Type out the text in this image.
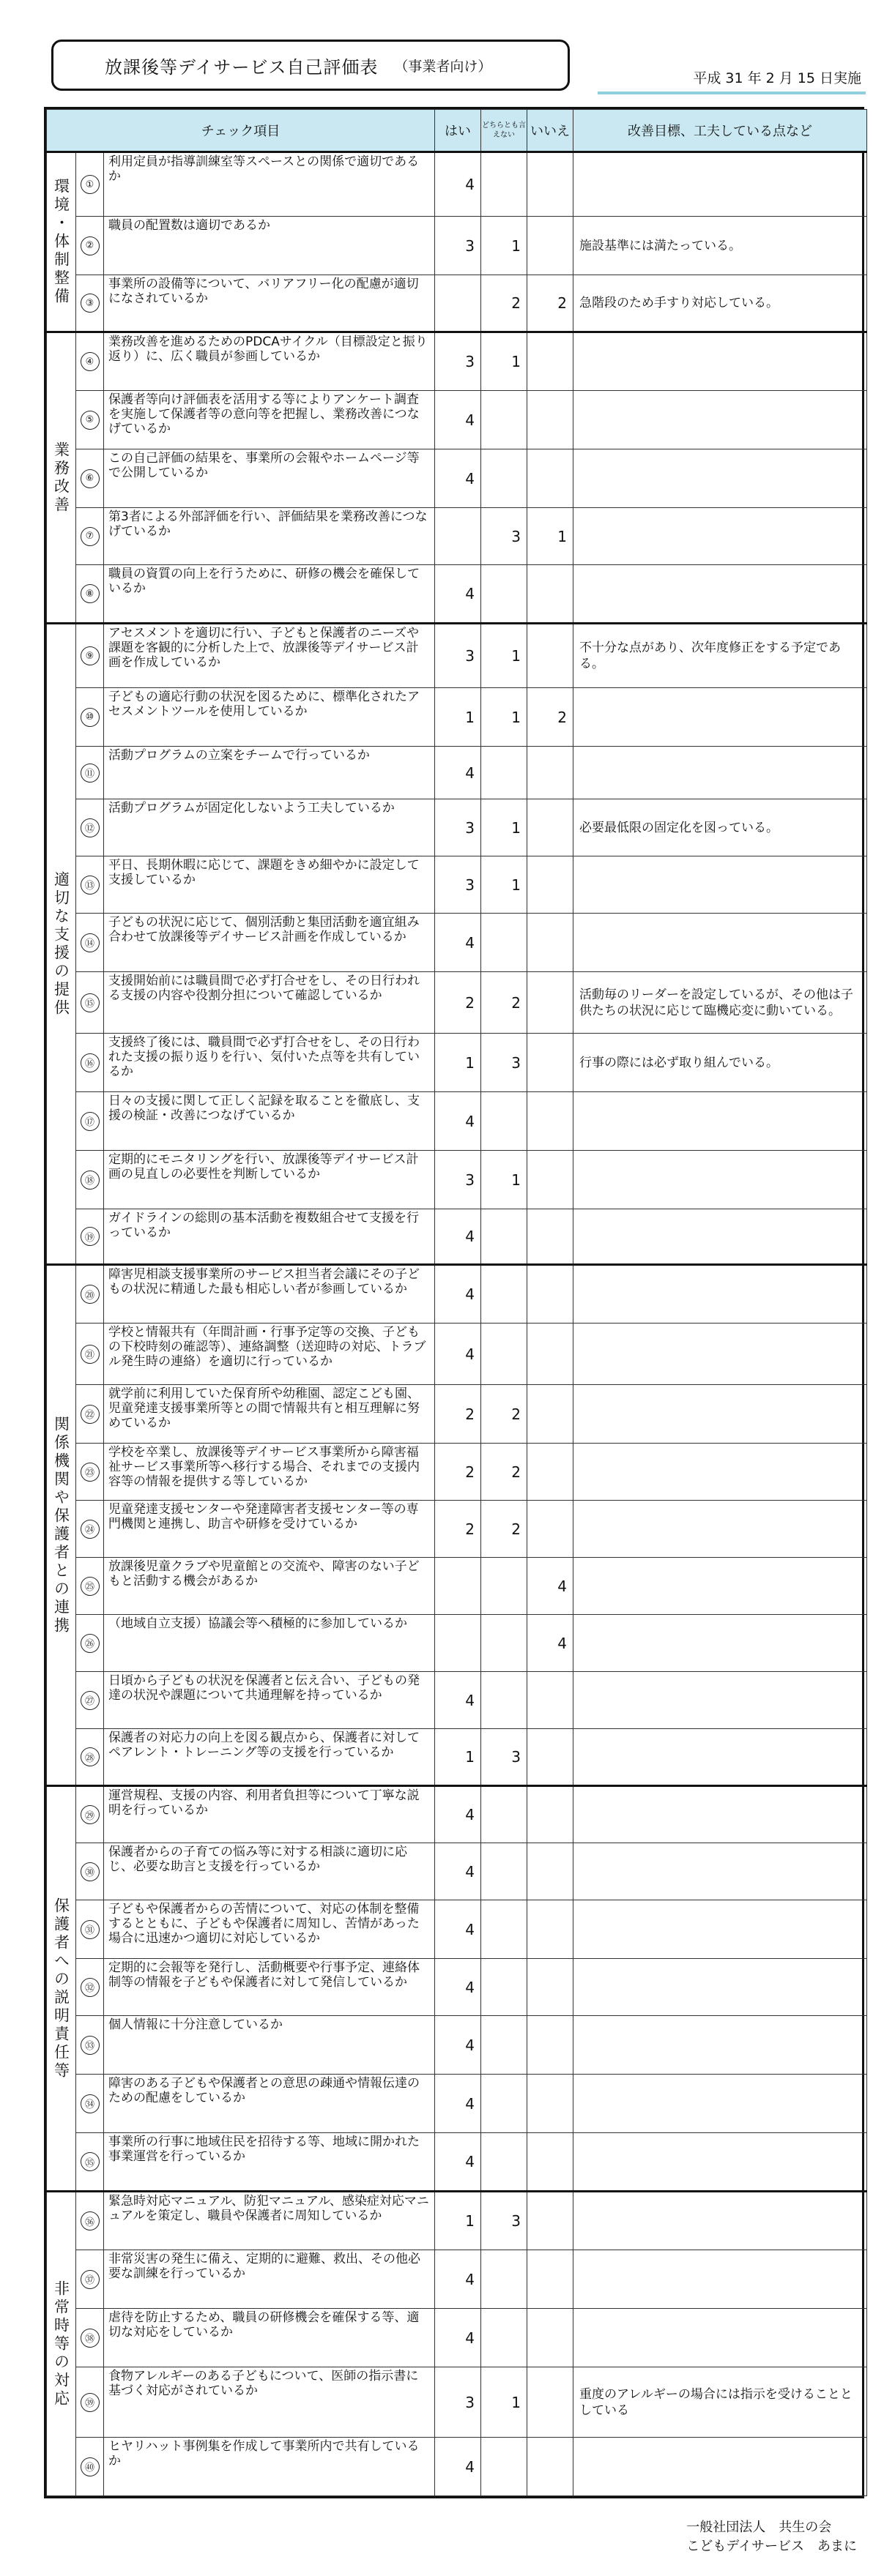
放課後等デイサービス自己評価表 （事業者向け）
平成 31 年 2 月 15 日実施
チェック項目			はい	どちらとも言えない	いいえ	改善目標、工夫している点など
環境・体制整備	①	利用定員が指導訓練室等スペースとの関係で適切であるか	4			
	②	職員の配置数は適切であるか	3	1		施設基準には満たっている。
	③	事業所の設備等について、バリアフリー化の配慮が適切になされているか		2	2	急階段のため手すり対応している。
業務改善	④	業務改善を進めるためのPDCAサイクル（目標設定と振り返り）に、広く職員が参画しているか	3	1		
	⑤	保護者等向け評価表を活用する等によりアンケート調査を実施して保護者等の意向等を把握し、業務改善につなげているか	4			
	⑥	この自己評価の結果を、事業所の会報やホームページ等で公開しているか	4			
	⑦	第3者による外部評価を行い、評価結果を業務改善につなげているか		3	1	
	⑧	職員の資質の向上を行うために、研修の機会を確保しているか	4			
適切な支援の提供	⑨	アセスメントを適切に行い、子どもと保護者のニーズや課題を客観的に分析した上で、放課後等デイサービス計画を作成しているか	3	1		不十分な点があり、次年度修正をする予定である。
	⑩	子どもの適応行動の状況を図るために、標準化されたアセスメントツールを使用しているか	1	1	2	
	⑪	活動プログラムの立案をチームで行っているか	4			
	⑫	活動プログラムが固定化しないよう工夫しているか	3	1		必要最低限の固定化を図っている。
	⑬	平日、長期休暇に応じて、課題をきめ細やかに設定して支援しているか	3	1		
	⑭	子どもの状況に応じて、個別活動と集団活動を適宜組み合わせて放課後等デイサービス計画を作成しているか	4			
	⑮	支援開始前には職員間で必ず打合せをし、その日行われる支援の内容や役割分担について確認しているか	2	2		活動毎のリーダーを設定しているが、その他は子供たちの状況に応じて臨機応変に動いている。
	⑯	支援終了後には、職員間で必ず打合せをし、その日行われた支援の振り返りを行い、気付いた点等を共有しているか	1	3		行事の際には必ず取り組んでいる。
	⑰	日々の支援に関して正しく記録を取ることを徹底し、支援の検証・改善につなげているか	4			
	⑱	定期的にモニタリングを行い、放課後等デイサービス計画の見直しの必要性を判断しているか	3	1		
	⑲	ガイドラインの総則の基本活動を複数組合せて支援を行っているか	4			
関係機関や保護者との連携	⑳	障害児相談支援事業所のサービス担当者会議にその子どもの状況に精通した最も相応しい者が参画しているか	4			
	㉑	学校と情報共有（年間計画・行事予定等の交換、子どもの下校時刻の確認等）、連絡調整（送迎時の対応、トラブル発生時の連絡）を適切に行っているか	4			
	㉒	就学前に利用していた保育所や幼稚園、認定こども園、児童発達支援事業所等との間で情報共有と相互理解に努めているか	2	2		
	㉓	学校を卒業し、放課後等デイサービス事業所から障害福祉サービス事業所等へ移行する場合、それまでの支援内容等の情報を提供する等しているか	2	2		
	㉔	児童発達支援センターや発達障害者支援センター等の専門機関と連携し、助言や研修を受けているか	2	2		
	㉕	放課後児童クラブや児童館との交流や、障害のない子どもと活動する機会があるか			4	
	㉖	（地域自立支援）協議会等へ積極的に参加しているか			4	
	㉗	日頃から子どもの状況を保護者と伝え合い、子どもの発達の状況や課題について共通理解を持っているか	4			
	㉘	保護者の対応力の向上を図る観点から、保護者に対してペアレント・トレーニング等の支援を行っているか	1	3		
保護者への説明責任等	㉙	運営規程、支援の内容、利用者負担等について丁寧な説明を行っているか	4			
	㉚	保護者からの子育ての悩み等に対する相談に適切に応じ、必要な助言と支援を行っているか	4			
	㉛	子どもや保護者からの苦情について、対応の体制を整備するとともに、子どもや保護者に周知し、苦情があった場合に迅速かつ適切に対応しているか	4			
	㉜	定期的に会報等を発行し、活動概要や行事予定、連絡体制等の情報を子どもや保護者に対して発信しているか	4			
	㉝	個人情報に十分注意しているか	4			
	㉞	障害のある子どもや保護者との意思の疎通や情報伝達のための配慮をしているか	4			
	㉟	事業所の行事に地域住民を招待する等、地域に開かれた事業運営を行っているか	4			
非常時等の対応	㊱	緊急時対応マニュアル、防犯マニュアル、感染症対応マニュアルを策定し、職員や保護者に周知しているか	1	3		
	㊲	非常災害の発生に備え、定期的に避難、救出、その他必要な訓練を行っているか	4			
	㊳	虐待を防止するため、職員の研修機会を確保する等、適切な対応をしているか	4			
	㊴	食物アレルギーのある子どもについて、医師の指示書に基づく対応がされているか	3	1		重度のアレルギーの場合には指示を受けることとしている
	㊵	ヒヤリハット事例集を作成して事業所内で共有しているか	4			
一般社団法人　共生の会
こどもデイサービス　あまに
